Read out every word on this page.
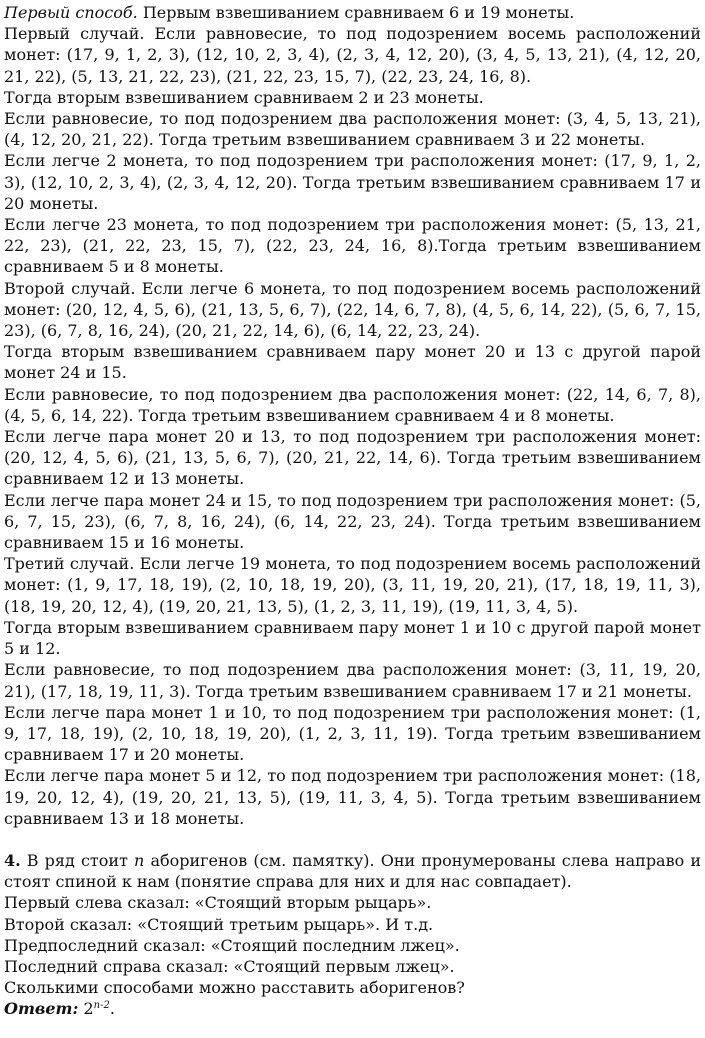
Первый способ. Первым взвешиванием сравниваем 6 и 19 монеты.

Первый случай. Если равновесие, то под подозрением восемь расположений монет: (17, 9, 1, 2, 3), (12, 10, 2, 3, 4), (2, 3, 4, 12, 20), (3, 4, 5, 13, 21), (4, 12, 20, 21, 22), (5, 13, 21, 22, 23), (21, 22, 23, 15, 7), (22, 23, 24, 16, 8).

Тогда вторым взвешиванием сравниваем 2 и 23 монеты.

Если равновесие, то под подозрением два расположения монет: (3, 4, 5, 13, 21), (4, 12, 20, 21, 22). Тогда третьим взвешиванием сравниваем 3 и 22 монеты.

Если легче 2 монета, то под подозрением три расположения монет: (17, 9, 1, 2, 3), (12, 10, 2, 3, 4), (2, 3, 4, 12, 20). Тогда третьим взвешиванием сравниваем 17 и 20 монеты.

Если легче 23 монета, то под подозрением три расположения монет: (5, 13, 21, 22, 23), (21, 22, 23, 15, 7), (22, 23, 24, 16, 8).Тогда третьим взвешиванием сравниваем 5 и 8 монеты.

Второй случай. Если легче 6 монета, то под подозрением восемь расположений монет: (20, 12, 4, 5, 6), (21, 13, 5, 6, 7), (22, 14, 6, 7, 8), (4, 5, 6, 14, 22), (5, 6, 7, 15, 23), (6, 7, 8, 16, 24), (20, 21, 22, 14, 6), (6, 14, 22, 23, 24).

Тогда вторым взвешиванием сравниваем пару монет 20 и 13 с другой парой монет 24 и 15.

Если равновесие, то под подозрением два расположения монет: (22, 14, 6, 7, 8), (4, 5, 6, 14, 22). Тогда третьим взвешиванием сравниваем 4 и 8 монеты.

Если легче пара монет 20 и 13, то под подозрением три расположения монет: (20, 12, 4, 5, 6), (21, 13, 5, 6, 7), (20, 21, 22, 14, 6). Тогда третьим взвешиванием сравниваем 12 и 13 монеты.

Если легче пара монет 24 и 15, то под подозрением три расположения монет: (5, 6, 7, 15, 23), (6, 7, 8, 16, 24), (6, 14, 22, 23, 24). Тогда третьим взвешиванием сравниваем 15 и 16 монеты.

Третий случай. Если легче 19 монета, то под подозрением восемь расположений монет: (1, 9, 17, 18, 19), (2, 10, 18, 19, 20), (3, 11, 19, 20, 21), (17, 18, 19, 11, 3), (18, 19, 20, 12, 4), (19, 20, 21, 13, 5), (1, 2, 3, 11, 19), (19, 11, 3, 4, 5).

Тогда вторым взвешиванием сравниваем пару монет 1 и 10 с другой парой монет 5 и 12.

Если равновесие, то под подозрением два расположения монет: (3, 11, 19, 20, 21), (17, 18, 19, 11, 3). Тогда третьим взвешиванием сравниваем 17 и 21 монеты.

Если легче пара монет 1 и 10, то под подозрением три расположения монет: (1, 9, 17, 18, 19), (2, 10, 18, 19, 20), (1, 2, 3, 11, 19). Тогда третьим взвешиванием сравниваем 17 и 20 монеты.

Если легче пара монет 5 и 12, то под подозрением три расположения монет: (18, 19, 20, 12, 4), (19, 20, 21, 13, 5), (19, 11, 3, 4, 5). Тогда третьим взвешиванием сравниваем 13 и 18 монеты.

4. В ряд стоит n аборигенов (см. памятку). Они пронумерованы слева направо и стоят спиной к нам (понятие справа для них и для нас совпадает).

Первый слева сказал: «Стоящий вторым рыцарь».

Второй сказал: «Стоящий третьим рыцарь». И т.д.

Предпоследний сказал: «Стоящий последним лжец».

Последний справа сказал: «Стоящий первым лжец».

Сколькими способами можно расставить аборигенов?

Ответ: 2$^{n-2}$.
